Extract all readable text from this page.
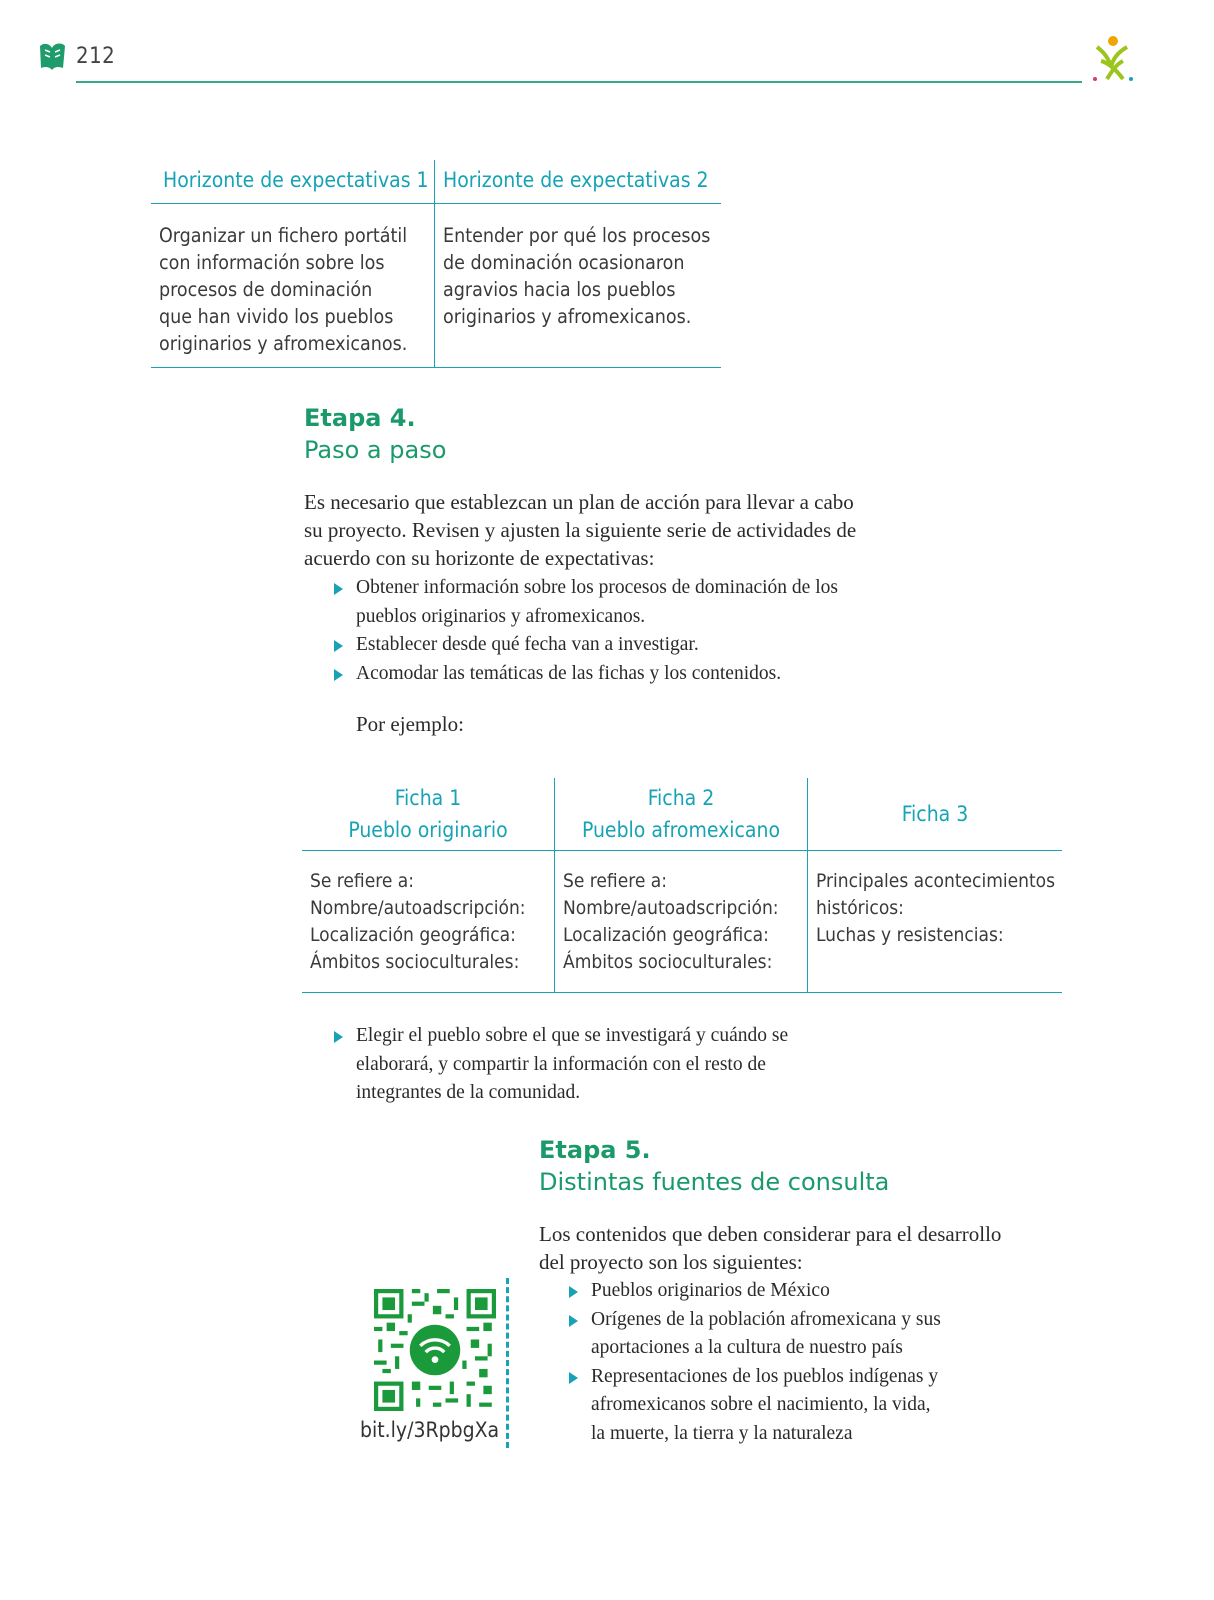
212
Horizonte de expectativas 1 Horizonte de expectativas 2
Organizar un fichero portátil
con información sobre los
procesos de dominación
que han vivido los pueblos
originarios y afromexicanos.
Entender por qué los procesos
de dominación ocasionaron
agravios hacia los pueblos
originarios y afromexicanos.
Etapa 4.
Paso a paso
Es necesario que establezcan un plan de acción para llevar a cabo
su proyecto. Revisen y ajusten la siguiente serie de actividades de
acuerdo con su horizonte de expectativas:
Obtener información sobre los procesos de dominación de los
pueblos originarios y afromexicanos.
Establecer desde qué fecha van a investigar.
Acomodar las temáticas de las fichas y los contenidos.
Por ejemplo:
Ficha 1
Pueblo originario
Ficha 2
Pueblo afromexicano
Ficha 3
Se refiere a:
Nombre/autoadscripción:
Localización geográfica:
Ámbitos socioculturales:
Se refiere a:
Nombre/autoadscripción:
Localización geográfica:
Ámbitos socioculturales:
Principales acontecimientos
históricos:
Luchas y resistencias:
Elegir el pueblo sobre el que se investigará y cuándo se
elaborará, y compartir la información con el resto de
integrantes de la comunidad.
Etapa 5.
Distintas fuentes de consulta
Los contenidos que deben considerar para el desarrollo
del proyecto son los siguientes:
Pueblos originarios de México
Orígenes de la población afromexicana y sus
aportaciones a la cultura de nuestro país
Representaciones de los pueblos indígenas y
afromexicanos sobre el nacimiento, la vida,
la muerte, la tierra y la naturaleza
bit.ly/3RpbgXa
